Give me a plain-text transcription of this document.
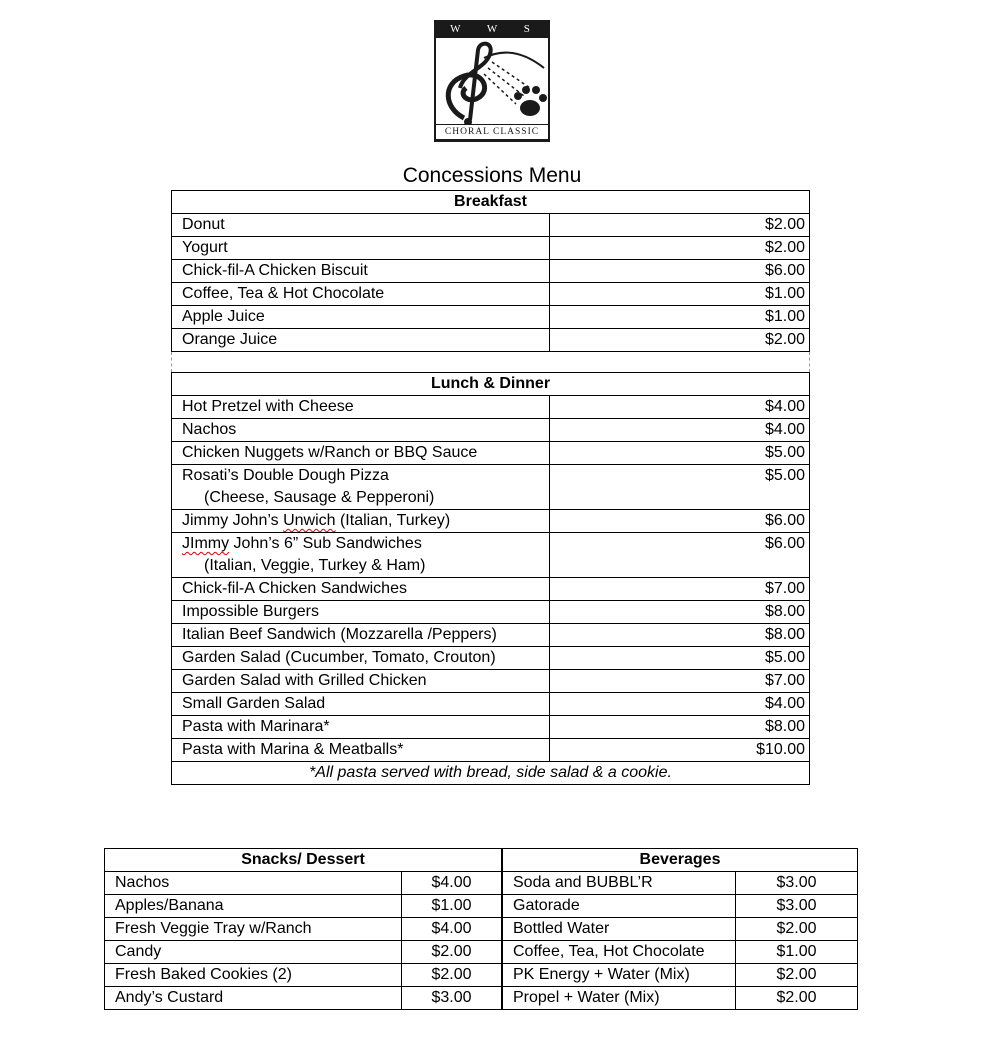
W W S
CHORAL CLASSIC
Concessions Menu
Breakfast	
Donut	$2.00
Yogurt	$2.00
Chick-fil-A Chicken Biscuit	$6.00
Coffee, Tea & Hot Chocolate	$1.00
Apple Juice	$1.00
Orange Juice	$2.00

Lunch & Dinner	
Hot Pretzel with Cheese	$4.00
Nachos	$4.00
Chicken Nuggets w/Ranch or BBQ Sauce	$5.00
Rosati’s Double Dough Pizza
(Cheese, Sausage & Pepperoni)	$5.00
Jimmy John’s Unwich (Italian, Turkey)	$6.00
JImmy John’s 6” Sub Sandwiches
(Italian, Veggie, Turkey & Ham)	$6.00
Chick-fil-A Chicken Sandwiches	$7.00
Impossible Burgers	$8.00
Italian Beef Sandwich (Mozzarella /Peppers)	$8.00
Garden Salad (Cucumber, Tomato, Crouton)	$5.00
Garden Salad with Grilled Chicken	$7.00
Small Garden Salad	$4.00
Pasta with Marinara*	$8.00
Pasta with Marina & Meatballs*	$10.00
*All pasta served with bread, side salad & a cookie.	
Snacks/ Dessert	
Nachos	$4.00
Apples/Banana	$1.00
Fresh Veggie Tray w/Ranch	$4.00
Candy	$2.00
Fresh Baked Cookies (2)	$2.00
Andy’s Custard	$3.00
Beverages	
Soda and BUBBL’R	$3.00
Gatorade	$3.00
Bottled Water	$2.00
Coffee, Tea, Hot Chocolate	$1.00
PK Energy + Water (Mix)	$2.00
Propel + Water (Mix)	$2.00
